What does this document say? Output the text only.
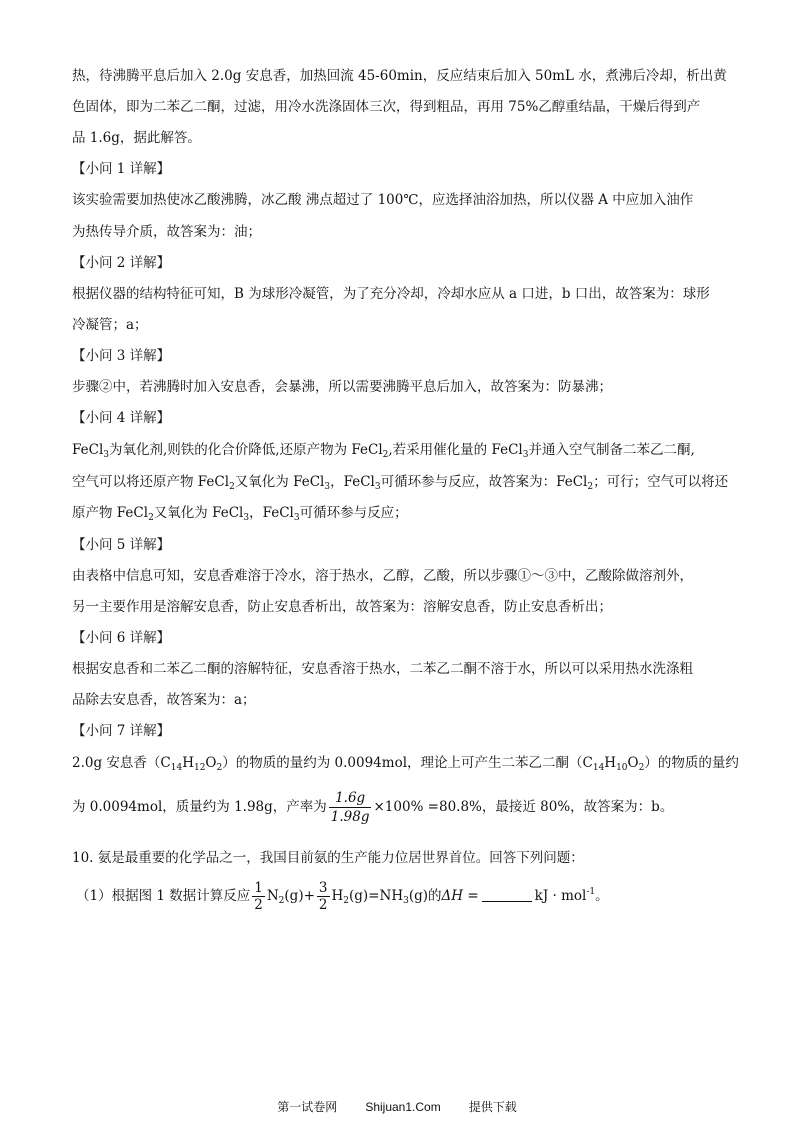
热，待沸腾平息后加入 2.0g 安息香，加热回流 45-60min，反应结束后加入 50mL 水，煮沸后冷却，析出黄
色固体，即为二苯乙二酮，过滤，用冷水洗涤固体三次，得到粗品，再用 75%乙醇重结晶，干燥后得到产
品 1.6g，据此解答。
【小问 1 详解】
该实验需要加热使冰乙酸沸腾，冰乙酸 沸点超过了 100℃，应选择油浴加热，所以仪器 A 中应加入油作
为热传导介质，故答案为：油；
【小问 2 详解】
根据仪器的结构特征可知，B 为球形冷凝管，为了充分冷却，冷却水应从 a 口进，b 口出，故答案为：球形
冷凝管；a；
【小问 3 详解】
步骤②中，若沸腾时加入安息香，会暴沸，所以需要沸腾平息后加入，故答案为：防暴沸；
【小问 4 详解】
FeCl$_3$为氧化剂,则铁的化合价降低,还原产物为 FeCl$_2$,若采用催化量的 FeCl$_3$并通入空气制备二苯乙二酮,
空气可以将还原产物 FeCl$_2$又氧化为 FeCl$_3$，FeCl$_3$可循环参与反应，故答案为：FeCl$_2$；可行；空气可以将还
原产物 FeCl$_2$又氧化为 FeCl$_3$，FeCl$_3$可循环参与反应；
【小问 5 详解】
由表格中信息可知，安息香难溶于冷水，溶于热水，乙醇，乙酸，所以步骤①～③中，乙酸除做溶剂外，
另一主要作用是溶解安息香，防止安息香析出，故答案为：溶解安息香，防止安息香析出；
【小问 6 详解】
根据安息香和二苯乙二酮的溶解特征，安息香溶于热水，二苯乙二酮不溶于水，所以可以采用热水洗涤粗
品除去安息香，故答案为：a；
【小问 7 详解】
2.0g 安息香$(C_{14}H_{12}O_2)$的物质的量约为 0.0094mol，理论上可产生二苯乙二酮$(C_{14}H_{10}O_2)$的物质的量约
为 0.0094mol，质量约为 1.98g，产率为 $\frac{1.6g}{1.98g} \times 100\% =80.8\%$，最接近 80%，故答案为：b。
10. 氨是最重要的化学品之一，我国目前氨的生产能力位居世界首位。回答下列问题：
（1）根据图 1 数据计算反应 $\frac{1}{2} N_2(g)+ \frac{3}{2} H_2(g)=NH_3(g)$的ΔH =	kJ · mol$^{-1}$。
第一试卷网 Shijuan1.Com 提供下载
